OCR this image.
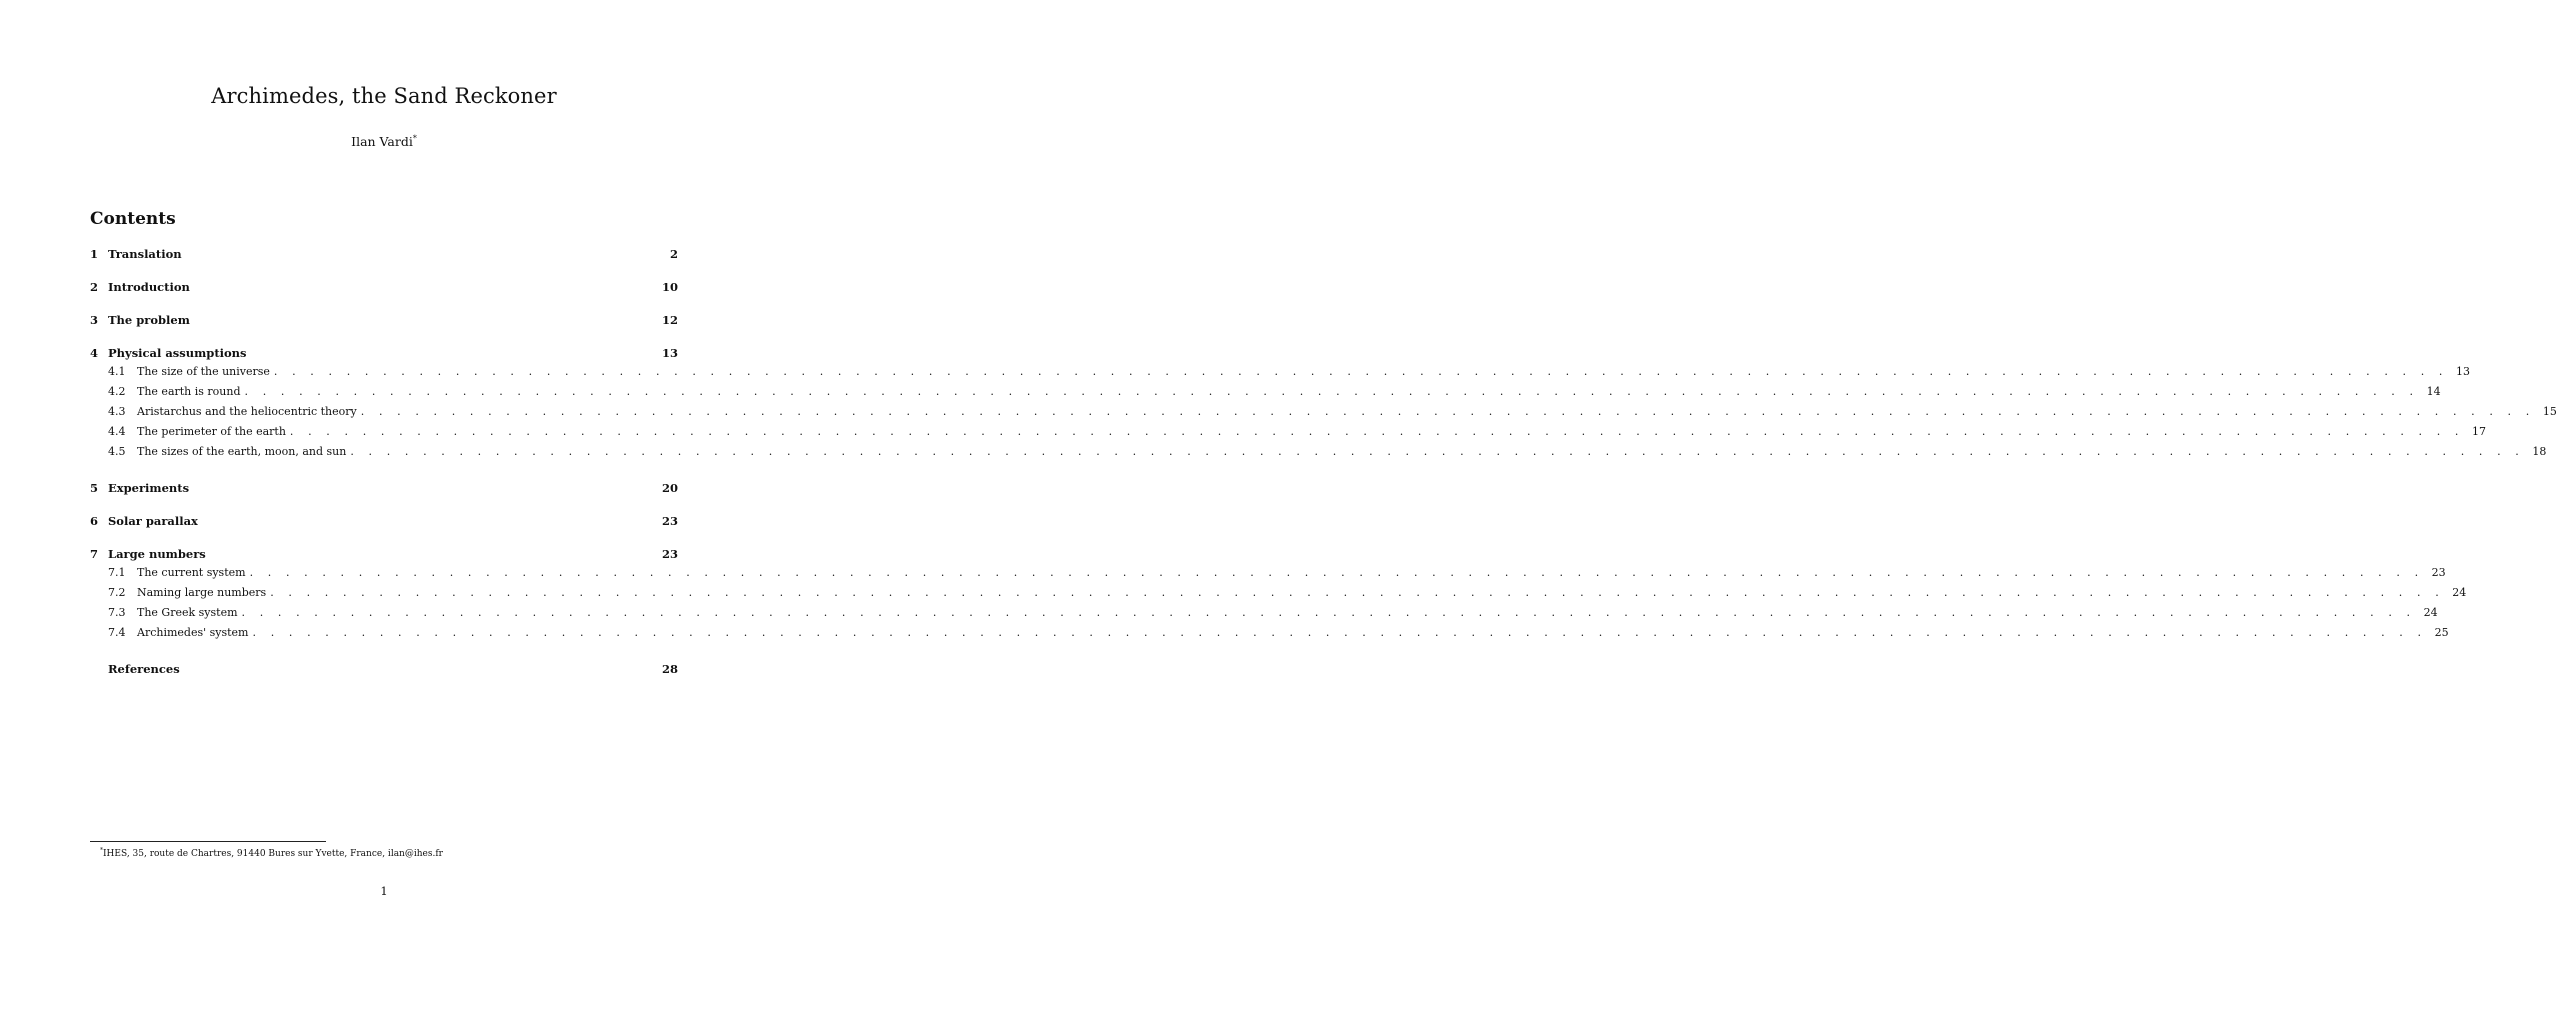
Archimedes, the Sand Reckoner
Ilan Vardi*
Contents
1 Translation	2
2 Introduction	10
3 The problem	12
4 Physical assumptions	13
4.1	The size of the universe . . . . . . . . . . . . . . . . . . . . . . . . . . . . . . . . . . . . . . . . . . . . . . . . . . . . . . . . . . . . . . . . . . . . . . . . . . . . . . . . . . . . . . . . . . . . . . . . . . . . . . . . . . . . . . . . . . . . . . . . 13
4.2	The earth is round . . . . . . . . . . . . . . . . . . . . . . . . . . . . . . . . . . . . . . . . . . . . . . . . . . . . . . . . . . . . . . . . . . . . . . . . . . . . . . . . . . . . . . . . . . . . . . . . . . . . . . . . . . . . . . . . . . . . . . . . 14
4.3	Aristarchus and the heliocentric theory . . . . . . . . . . . . . . . . . . . . . . . . . . . . . . . . . . . . . . . . . . . . . . . . . . . . . . . . . . . . . . . . . . . . . . . . . . . . . . . . . . . . . . . . . . . . . . . . . . . . . . . . . . . . . . . . . . . . . . . . 15
4.4	The perimeter of the earth . . . . . . . . . . . . . . . . . . . . . . . . . . . . . . . . . . . . . . . . . . . . . . . . . . . . . . . . . . . . . . . . . . . . . . . . . . . . . . . . . . . . . . . . . . . . . . . . . . . . . . . . . . . . . . . . . . . . . . . . 17
4.5	The sizes of the earth, moon, and sun . . . . . . . . . . . . . . . . . . . . . . . . . . . . . . . . . . . . . . . . . . . . . . . . . . . . . . . . . . . . . . . . . . . . . . . . . . . . . . . . . . . . . . . . . . . . . . . . . . . . . . . . . . . . . . . . . . . . . . . . 18
5 Experiments	20
6 Solar parallax	23
7 Large numbers	23
7.1	The current system . . . . . . . . . . . . . . . . . . . . . . . . . . . . . . . . . . . . . . . . . . . . . . . . . . . . . . . . . . . . . . . . . . . . . . . . . . . . . . . . . . . . . . . . . . . . . . . . . . . . . . . . . . . . . . . . . . . . . . . . 23
7.2	Naming large numbers . . . . . . . . . . . . . . . . . . . . . . . . . . . . . . . . . . . . . . . . . . . . . . . . . . . . . . . . . . . . . . . . . . . . . . . . . . . . . . . . . . . . . . . . . . . . . . . . . . . . . . . . . . . . . . . . . . . . . . . . 24
7.3	The Greek system . . . . . . . . . . . . . . . . . . . . . . . . . . . . . . . . . . . . . . . . . . . . . . . . . . . . . . . . . . . . . . . . . . . . . . . . . . . . . . . . . . . . . . . . . . . . . . . . . . . . . . . . . . . . . . . . . . . . . . . . 24
7.4	Archimedes' system . . . . . . . . . . . . . . . . . . . . . . . . . . . . . . . . . . . . . . . . . . . . . . . . . . . . . . . . . . . . . . . . . . . . . . . . . . . . . . . . . . . . . . . . . . . . . . . . . . . . . . . . . . . . . . . . . . . . . . . . 25
References	28
*IHES, 35, route de Chartres, 91440 Bures sur Yvette, France, ilan@ihes.fr
1
